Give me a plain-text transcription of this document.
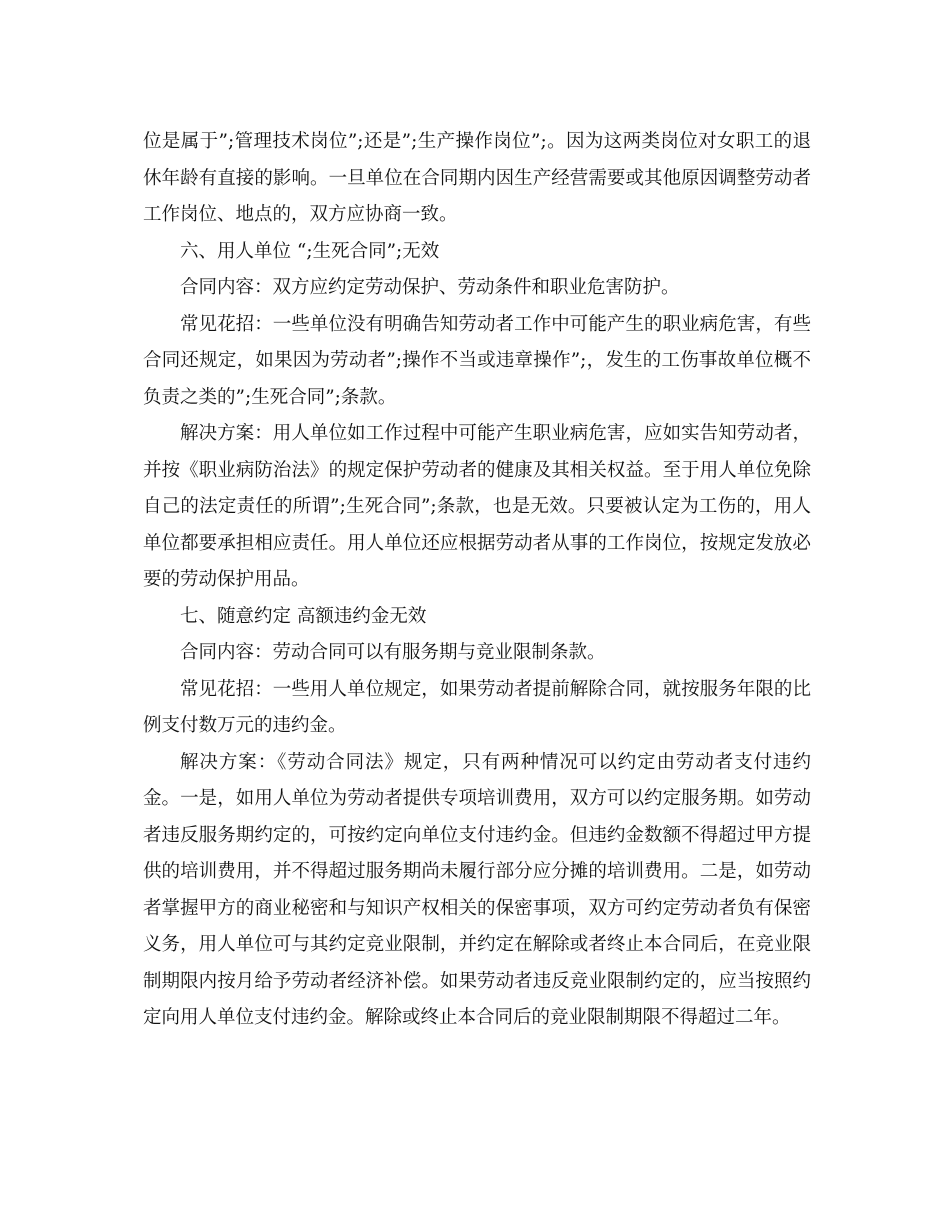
位是属于”;管理技术岗位”;还是”;生产操作岗位”;。因为这两类岗位对女职工的退休年龄有直接的影响。一旦单位在合同期内因生产经营需要或其他原因调整劳动者工作岗位、地点的，双方应协商一致。

六、用人单位 “;生死合同”;无效

合同内容：双方应约定劳动保护、劳动条件和职业危害防护。

常见花招：一些单位没有明确告知劳动者工作中可能产生的职业病危害，有些合同还规定，如果因为劳动者”;操作不当或违章操作”;，发生的工伤事故单位概不负责之类的”;生死合同”;条款。

解决方案：用人单位如工作过程中可能产生职业病危害，应如实告知劳动者，并按《职业病防治法》的规定保护劳动者的健康及其相关权益。至于用人单位免除自己的法定责任的所谓”;生死合同”;条款，也是无效。只要被认定为工伤的，用人单位都要承担相应责任。用人单位还应根据劳动者从事的工作岗位，按规定发放必要的劳动保护用品。

七、随意约定 高额违约金无效

合同内容：劳动合同可以有服务期与竞业限制条款。

常见花招：一些用人单位规定，如果劳动者提前解除合同，就按服务年限的比例支付数万元的违约金。

解决方案：《劳动合同法》规定，只有两种情况可以约定由劳动者支付违约金。一是，如用人单位为劳动者提供专项培训费用，双方可以约定服务期。如劳动者违反服务期约定的，可按约定向单位支付违约金。但违约金数额不得超过甲方提供的培训费用，并不得超过服务期尚未履行部分应分摊的培训费用。二是，如劳动者掌握甲方的商业秘密和与知识产权相关的保密事项，双方可约定劳动者负有保密义务，用人单位可与其约定竞业限制，并约定在解除或者终止本合同后，在竞业限制期限内按月给予劳动者经济补偿。如果劳动者违反竞业限制约定的，应当按照约定向用人单位支付违约金。解除或终止本合同后的竞业限制期限不得超过二年。
